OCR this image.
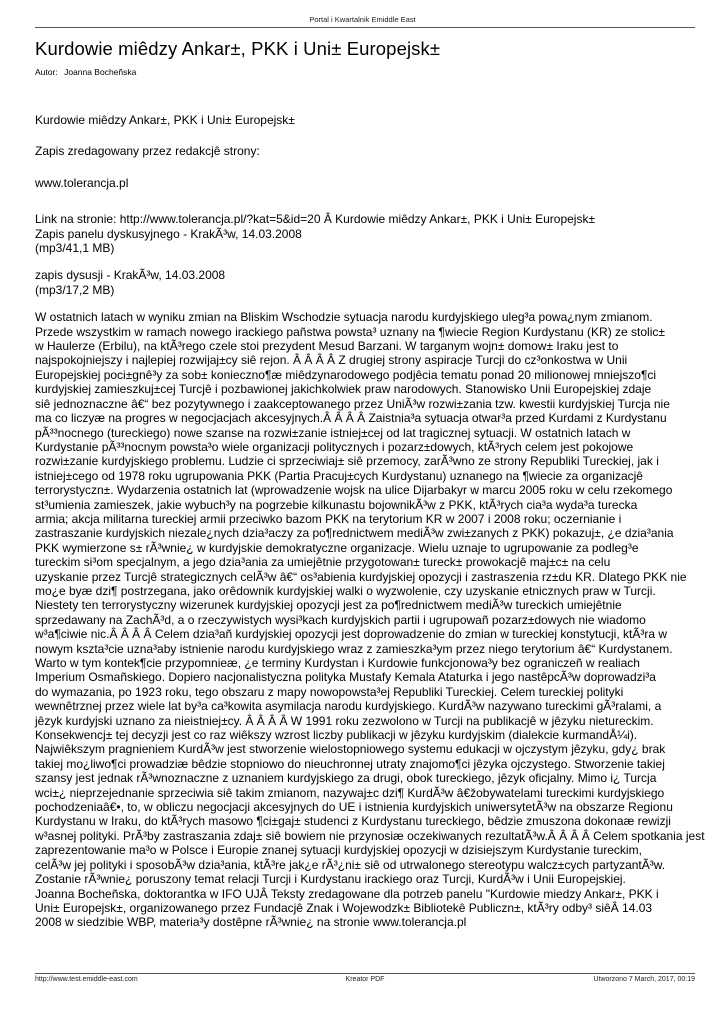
Portal i Kwartalnik Emiddle East
Kurdowie miêdzy Ankar±, PKK i Uni± Europejsk±
Autor: Joanna Bocheñska

Kurdowie miêdzy Ankar±, PKK i Uni± Europejsk±

Zapis zredagowany przez redakcjê strony:

www.tolerancja.pl

Link na stronie: http://www.tolerancja.pl/?kat=5&id=20 Â Kurdowie miêdzy Ankar±, PKK i Uni± Europejsk±

Zapis panelu dyskusyjnego - KrakÃ³w, 14.03.2008

(mp3/41,1 MB)

zapis dysusji - KrakÃ³w, 14.03.2008

(mp3/17,2 MB)

W ostatnich latach w wyniku zmian na Bliskim Wschodzie sytuacja narodu kurdyjskiego uleg³a powa¿nym zmianom.

Przede wszystkim w ramach nowego irackiego pañstwa powsta³ uznany na ¶wiecie Region Kurdystanu (KR) ze stolic±

w Haulerze (Erbilu), na ktÃ³rego czele stoi prezydent Mesud Barzani. W targanym wojn± domow± Iraku jest to

najspokojniejszy i najlepiej rozwijaj±cy siê rejon. Â Â Â Â Z drugiej strony aspiracje Turcji do cz³onkostwa w Unii

Europejskiej poci±gnê³y za sob± konieczno¶æ miêdzynarodowego podjêcia tematu ponad 20 milionowej mniejszo¶ci

kurdyjskiej zamieszkuj±cej Turcjê i pozbawionej jakichkolwiek praw narodowych. Stanowisko Unii Europejskiej zdaje

siê jednoznaczne â€“ bez pozytywnego i zaakceptowanego przez UniÃ³w rozwi±zania tzw. kwestii kurdyjskiej Turcja nie

ma co liczyæ na progres w negocjacjach akcesyjnych.Â Â Â Â Zaistnia³a sytuacja otwar³a przed Kurdami z Kurdystanu

pÃ³³nocnego (tureckiego) nowe szanse na rozwi±zanie istniej±cej od lat tragicznej sytuacji. W ostatnich latach w

Kurdystanie pÃ³³nocnym powsta³o wiele organizacji politycznych i pozarz±dowych, ktÃ³rych celem jest pokojowe

rozwi±zanie kurdyjskiego problemu. Ludzie ci sprzeciwiaj± siê przemocy, zarÃ³wno ze strony Republiki Tureckiej, jak i

istniej±cego od 1978 roku ugrupowania PKK (Partia Pracuj±cych Kurdystanu) uznanego na ¶wiecie za organizacjê

terrorystyczn±. Wydarzenia ostatnich lat (wprowadzenie wojsk na ulice Dijarbakyr w marcu 2005 roku w celu rzekomego

st³umienia zamieszek, jakie wybuch³y na pogrzebie kilkunastu bojownikÃ³w z PKK, ktÃ³rych cia³a wyda³a turecka

armia; akcja militarna tureckiej armii przeciwko bazom PKK na terytorium KR w 2007 i 2008 roku; oczernianie i

zastraszanie kurdyjskich niezale¿nych dzia³aczy za po¶rednictwem mediÃ³w zwi±zanych z PKK) pokazuj±, ¿e dzia³ania

PKK wymierzone s± rÃ³wnie¿ w kurdyjskie demokratyczne organizacje. Wielu uznaje to ugrupowanie za podleg³e

tureckim si³om specjalnym, a jego dzia³ania za umiejêtnie przygotowan± tureck± prowokacjê maj±c± na celu

uzyskanie przez Turcjê strategicznych celÃ³w â€“ os³abienia kurdyjskiej opozycji i zastraszenia rz±du KR. Dlatego PKK nie

mo¿e byæ dzi¶ postrzegana, jako orêdownik kurdyjskiej walki o wyzwolenie, czy uzyskanie etnicznych praw w Turcji.

Niestety ten terrorystyczny wizerunek kurdyjskiej opozycji jest za po¶rednictwem mediÃ³w tureckich umiejêtnie

sprzedawany na ZachÃ³d, a o rzeczywistych wysi³kach kurdyjskich partii i ugrupowañ pozarz±dowych nie wiadomo

w³a¶ciwie nic.Â Â Â Â Celem dzia³añ kurdyjskiej opozycji jest doprowadzenie do zmian w tureckiej konstytucji, ktÃ³ra w

nowym kszta³cie uzna³aby istnienie narodu kurdyjskiego wraz z zamieszka³ym przez niego terytorium â€“ Kurdystanem.

Warto w tym kontek¶cie przypomnieæ, ¿e terminy Kurdystan i Kurdowie funkcjonowa³y bez ograniczeñ w realiach

Imperium Osmañskiego. Dopiero nacjonalistyczna polityka Mustafy Kemala Ataturka i jego nastêpcÃ³w doprowadzi³a

do wymazania, po 1923 roku, tego obszaru z mapy nowopowsta³ej Republiki Tureckiej. Celem tureckiej polityki

wewnêtrznej przez wiele lat by³a ca³kowita asymilacja narodu kurdyjskiego. KurdÃ³w nazywano tureckimi gÃ³ralami, a

jêzyk kurdyjski uznano za nieistniej±cy. Â Â Â Â W 1991 roku zezwolono w Turcji na publikacjê w jêzyku nietureckim.

Konsekwencj± tej decyzji jest co raz wiêkszy wzrost liczby publikacji w jêzyku kurdyjskim (dialekcie kurmandÅ¼i).

Najwiêkszym pragnieniem KurdÃ³w jest stworzenie wielostopniowego systemu edukacji w ojczystym jêzyku, gdy¿ brak

takiej mo¿liwo¶ci prowadziæ bêdzie stopniowo do nieuchronnej utraty znajomo¶ci jêzyka ojczystego. Stworzenie takiej

szansy jest jednak rÃ³wnoznaczne z uznaniem kurdyjskiego za drugi, obok tureckiego, jêzyk oficjalny. Mimo i¿ Turcja

wci±¿ nieprzejednanie sprzeciwia siê takim zmianom, nazywaj±c dzi¶ KurdÃ³w â€žobywatelami tureckimi kurdyjskiego

pochodzeniaâ€•, to, w obliczu negocjacji akcesyjnych do UE i istnienia kurdyjskich uniwersytetÃ³w na obszarze Regionu

Kurdystanu w Iraku, do ktÃ³rych masowo ¶ci±gaj± studenci z Kurdystanu tureckiego, bêdzie zmuszona dokonaæ rewizji

w³asnej polityki. PrÃ³by zastraszania zdaj± siê bowiem nie przynosiæ oczekiwanych rezultatÃ³w.Â Â Â Â Celem spotkania jest

zaprezentowanie ma³o w Polsce i Europie znanej sytuacji kurdyjskiej opozycji w dzisiejszym Kurdystanie tureckim,

celÃ³w jej polityki i sposobÃ³w dzia³ania, ktÃ³re jak¿e rÃ³¿ni± siê od utrwalonego stereotypu walcz±cych partyzantÃ³w.

Zostanie rÃ³wnie¿ poruszony temat relacji Turcji i Kurdystanu irackiego oraz Turcji, KurdÃ³w i Unii Europejskiej.

Joanna Bocheñska, doktorantka w IFO UJÂ Teksty zredagowane dla potrzeb panelu "Kurdowie miedzy Ankar±, PKK i

Uni± Europejsk±, organizowanego przez Fundacjê Znak i Wojewodzk± Bibliotekê Publiczn±, ktÃ³ry odby³ siêÂ 14.03

2008 w siedzibie WBP, materia³y dostêpne rÃ³wnie¿ na stronie www.tolerancja.pl

http://www.test.emiddle-east.com	Kreator PDF	Utworzono 7 March, 2017, 00:19
